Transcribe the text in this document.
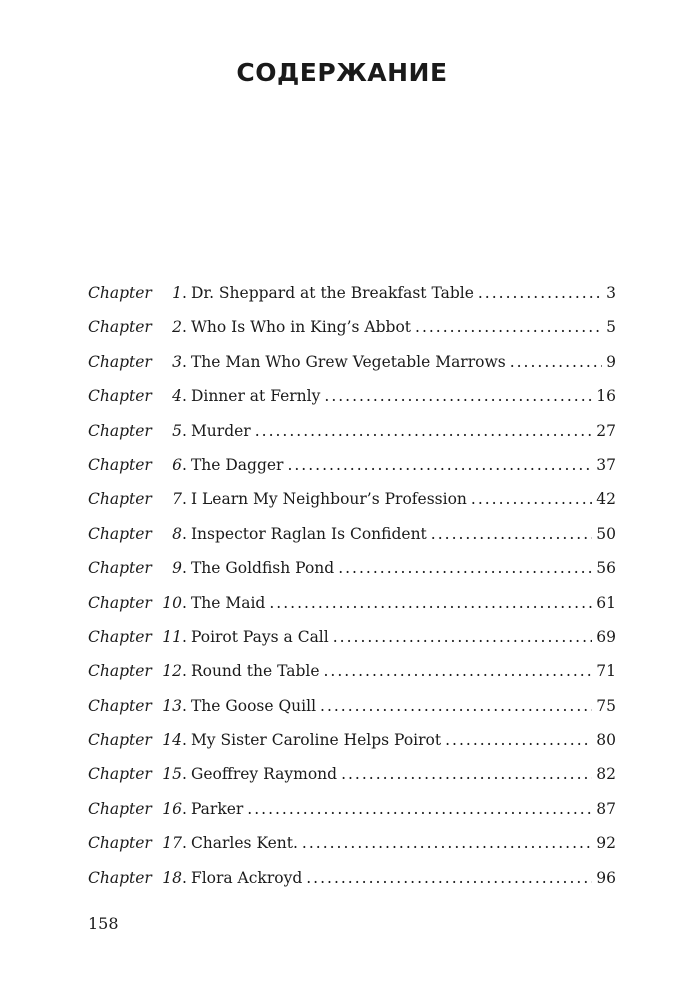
СОДЕРЖАНИЕ
Chapter	1 . Dr. Sheppard at the Breakfast Table .....	3
Chapter	2 . Who Is Who in King’s Abbot .....	5
Chapter	3 . The Man Who Grew Vegetable Marrows .....	9
Chapter	4 . Dinner at Fernly .....	16
Chapter	5 . Murder .....	27
Chapter	6 . The Dagger .....	37
Chapter	7 . I Learn My Neighbour’s Profession .....	42
Chapter	8 . Inspector Raglan Is Confident .....	50
Chapter	9 . The Goldfish Pond .....	56
Chapter 10 . The Maid .....	61
Chapter 11 . Poirot Pays a Call .....	69
Chapter 12 . Round the Table .....	71
Chapter 13 . The Goose Quill .....	75
Chapter 14 . My Sister Caroline Helps Poirot .....	80
Chapter 15 . Geoffrey Raymond .....	82
Chapter 16 . Parker .....	87
Chapter 17 . Charles Kent. .....	92
Chapter 18 . Flora Ackroyd .....	96
158
